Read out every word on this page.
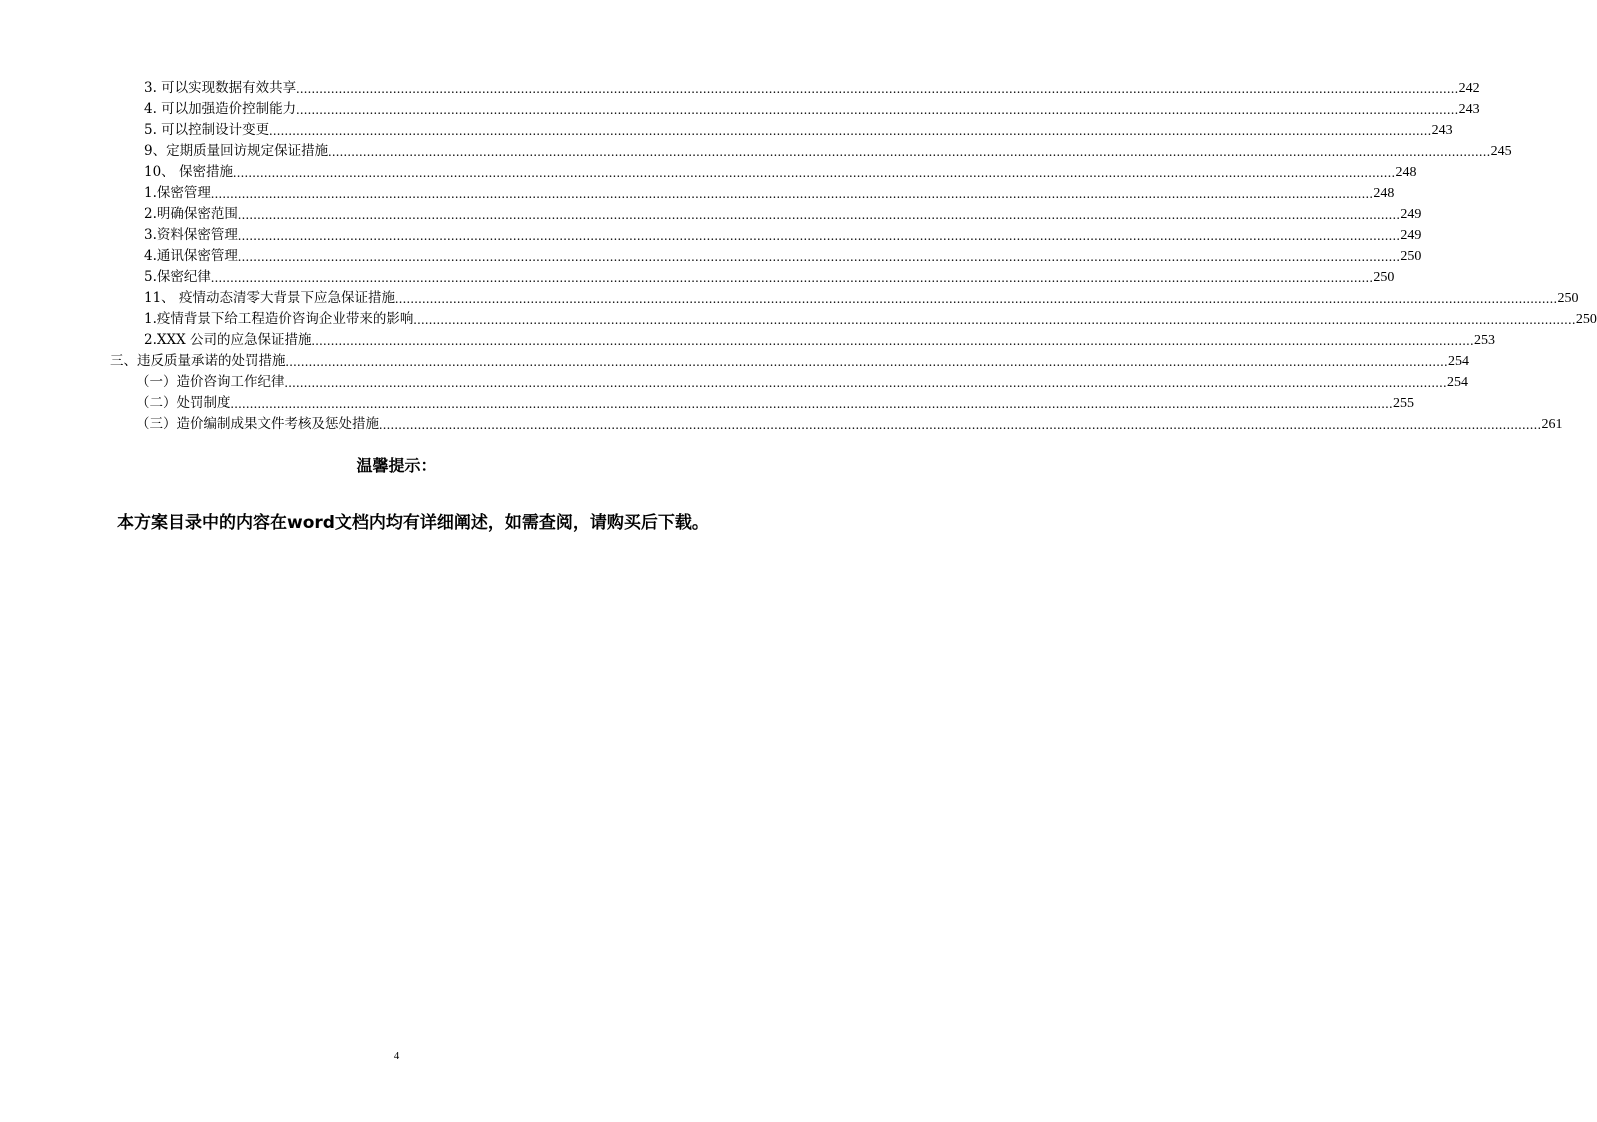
3. 可以实现数据有效共享 ............................................................................................................................................................................................................................................................................................................ 242
4. 可以加强造价控制能力 ............................................................................................................................................................................................................................................................................................................ 243
5. 可以控制设计变更 ............................................................................................................................................................................................................................................................................................................ 243
9、定期质量回访规定保证措施 ............................................................................................................................................................................................................................................................................................................ 245
10、 保密措施 ............................................................................................................................................................................................................................................................................................................ 248
1.保密管理 ............................................................................................................................................................................................................................................................................................................ 248
2.明确保密范围 ............................................................................................................................................................................................................................................................................................................ 249
3.资料保密管理 ............................................................................................................................................................................................................................................................................................................ 249
4.通讯保密管理 ............................................................................................................................................................................................................................................................................................................ 250
5.保密纪律 ............................................................................................................................................................................................................................................................................................................ 250
11、 疫情动态清零大背景下应急保证措施 ............................................................................................................................................................................................................................................................................................................ 250
1.疫情背景下给工程造价咨询企业带来的影响 ............................................................................................................................................................................................................................................................................................................ 250
2.XXX 公司的应急保证措施 ............................................................................................................................................................................................................................................................................................................ 253
三、违反质量承诺的处罚措施 ............................................................................................................................................................................................................................................................................................................ 254
（一）造价咨询工作纪律 ............................................................................................................................................................................................................................................................................................................ 254
（二）处罚制度 ............................................................................................................................................................................................................................................................................................................ 255
（三）造价编制成果文件考核及惩处措施 ............................................................................................................................................................................................................................................................................................................ 261
温馨提示：
本方案目录中的内容在word文档内均有详细阐述，如需查阅，请购买后下载。
4
